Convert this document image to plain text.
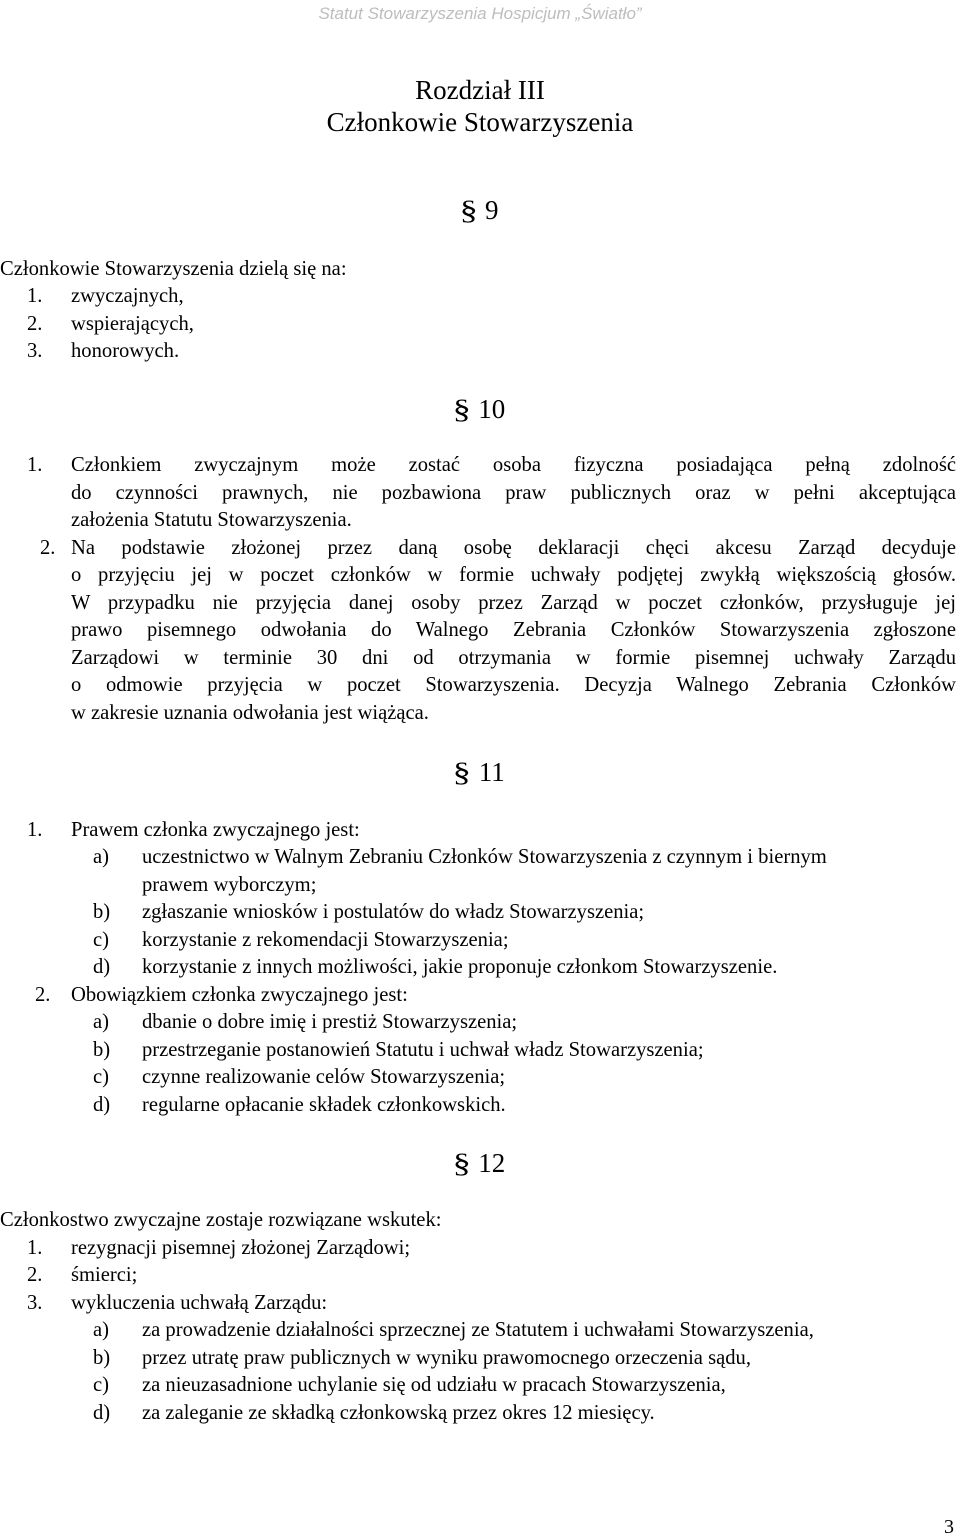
Statut Stowarzyszenia Hospicjum „Światło”
Rozdział III
Członkowie Stowarzyszenia
§ 9
Członkowie Stowarzyszenia dzielą się na:
1. zwyczajnych,
2. wspierających,
3. honorowych.
§ 10
1. Członkiem zwyczajnym może zostać osoba fizyczna posiadająca pełną zdolność
do czynności prawnych, nie pozbawiona praw publicznych oraz w pełni akceptująca
założenia Statutu Stowarzyszenia.
2. Na podstawie złożonej przez daną osobę deklaracji chęci akcesu Zarząd decyduje
o przyjęciu jej w poczet członków w formie uchwały podjętej zwykłą większością głosów.
W przypadku nie przyjęcia danej osoby przez Zarząd w poczet członków, przysługuje jej
prawo pisemnego odwołania do Walnego Zebrania Członków Stowarzyszenia zgłoszone
Zarządowi w terminie 30 dni od otrzymania w formie pisemnej uchwały Zarządu
o odmowie przyjęcia w poczet Stowarzyszenia. Decyzja Walnego Zebrania Członków
w zakresie uznania odwołania jest wiążąca.
§ 11
1. Prawem członka zwyczajnego jest:
a) uczestnictwo w Walnym Zebraniu Członków Stowarzyszenia z czynnym i biernym
prawem wyborczym;
b) zgłaszanie wniosków i postulatów do władz Stowarzyszenia;
c) korzystanie z rekomendacji Stowarzyszenia;
d) korzystanie z innych możliwości, jakie proponuje członkom Stowarzyszenie.
2. Obowiązkiem członka zwyczajnego jest:
a) dbanie o dobre imię i prestiż Stowarzyszenia;
b) przestrzeganie postanowień Statutu i uchwał władz Stowarzyszenia;
c) czynne realizowanie celów Stowarzyszenia;
d) regularne opłacanie składek członkowskich.
§ 12
Członkostwo zwyczajne zostaje rozwiązane wskutek:
1. rezygnacji pisemnej złożonej Zarządowi;
2. śmierci;
3. wykluczenia uchwałą Zarządu:
a) za prowadzenie działalności sprzecznej ze Statutem i uchwałami Stowarzyszenia,
b) przez utratę praw publicznych w wyniku prawomocnego orzeczenia sądu,
c) za nieuzasadnione uchylanie się od udziału w pracach Stowarzyszenia,
d) za zaleganie ze składką członkowską przez okres 12 miesięcy.
3
